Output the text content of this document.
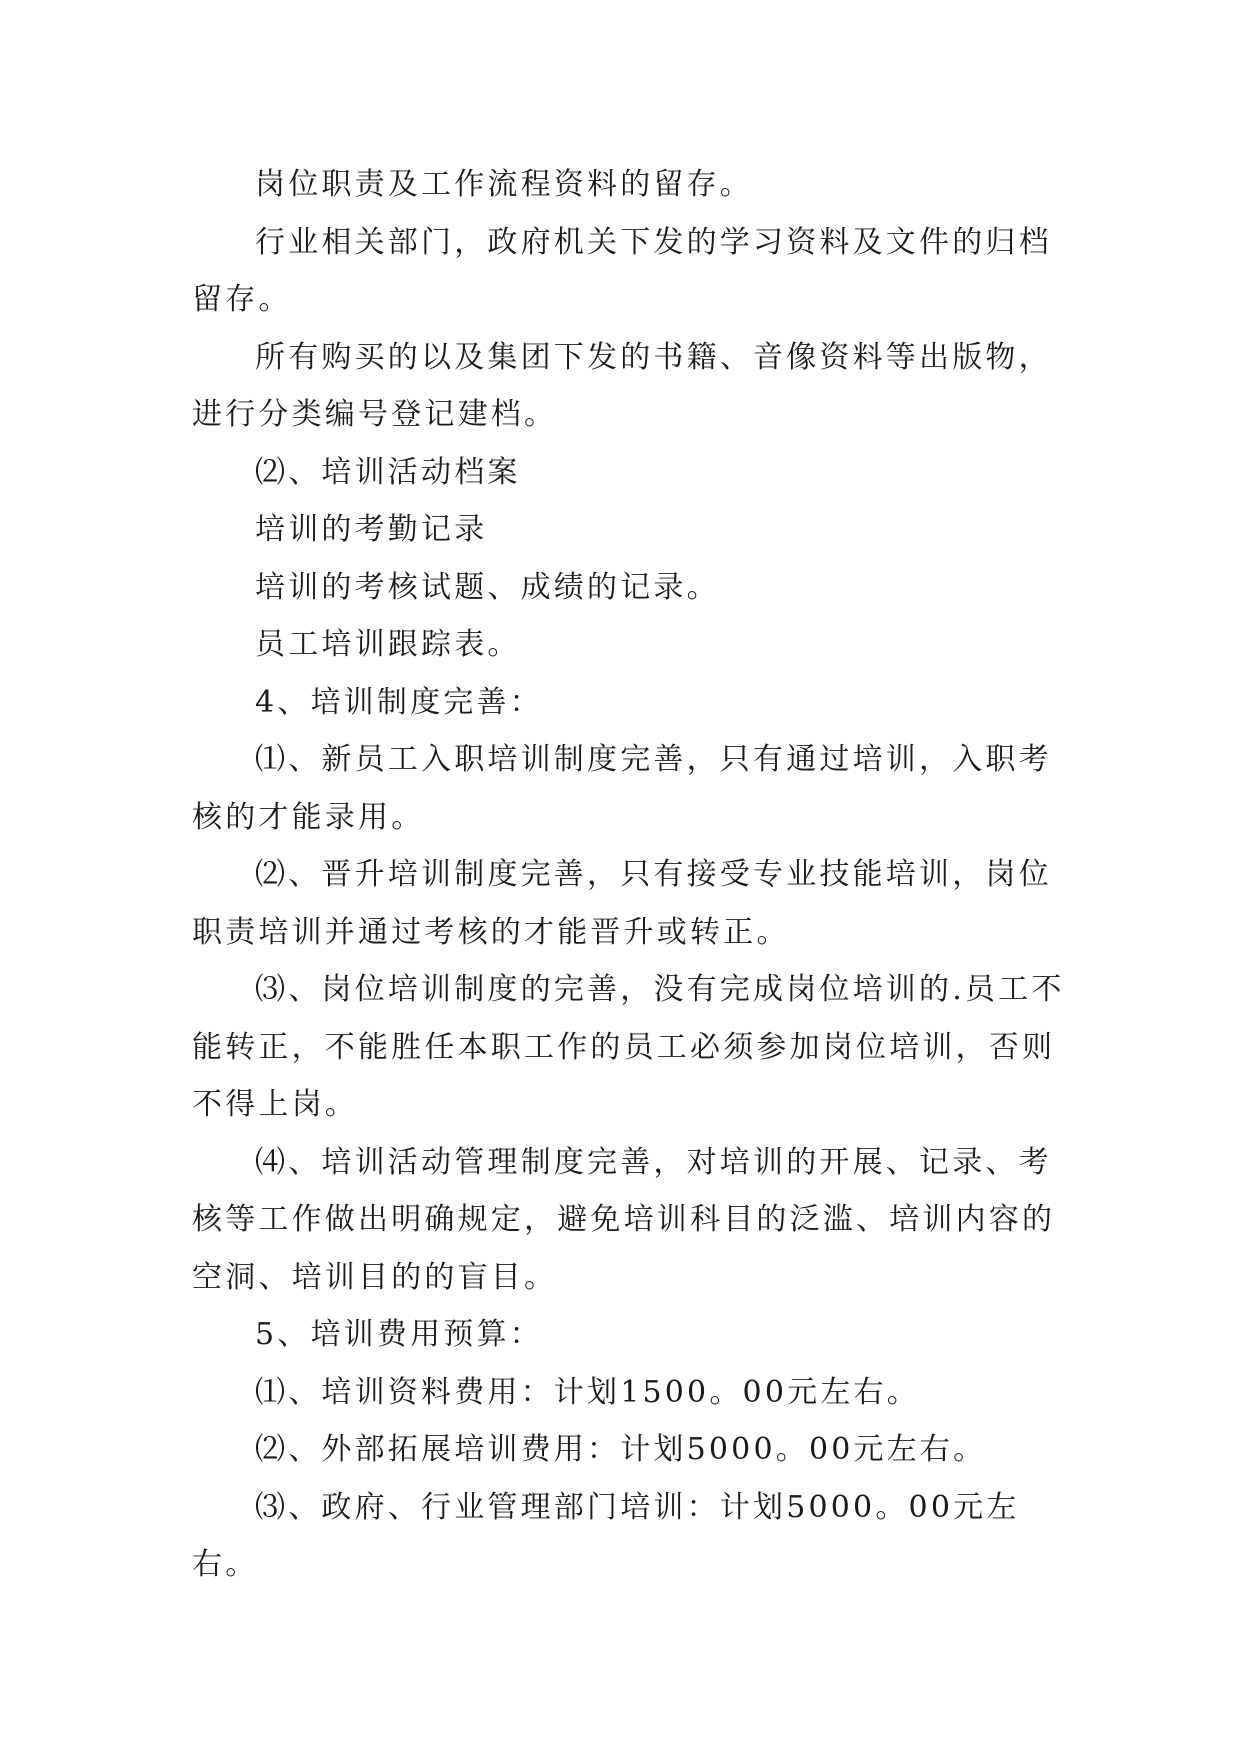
岗位职责及工作流程资料的留存。

行业相关部门，政府机关下发的学习资料及文件的归档留存。

所有购买的以及集团下发的书籍、音像资料等出版物，进行分类编号登记建档。

⑵、培训活动档案

培训的考勤记录

培训的考核试题、成绩的记录。

员工培训跟踪表。

4、培训制度完善：

⑴、新员工入职培训制度完善，只有通过培训，入职考核的才能录用。

⑵、晋升培训制度完善，只有接受专业技能培训，岗位职责培训并通过考核的才能晋升或转正。

⑶、岗位培训制度的完善，没有完成岗位培训的.员工不能转正，不能胜任本职工作的员工必须参加岗位培训，否则不得上岗。

⑷、培训活动管理制度完善，对培训的开展、记录、考核等工作做出明确规定，避免培训科目的泛滥、培训内容的空洞、培训目的的盲目。

5、培训费用预算：

⑴、培训资料费用：计划1500。00元左右。

⑵、外部拓展培训费用：计划5000。00元左右。

⑶、政府、行业管理部门培训：计划5000。00元左右。
